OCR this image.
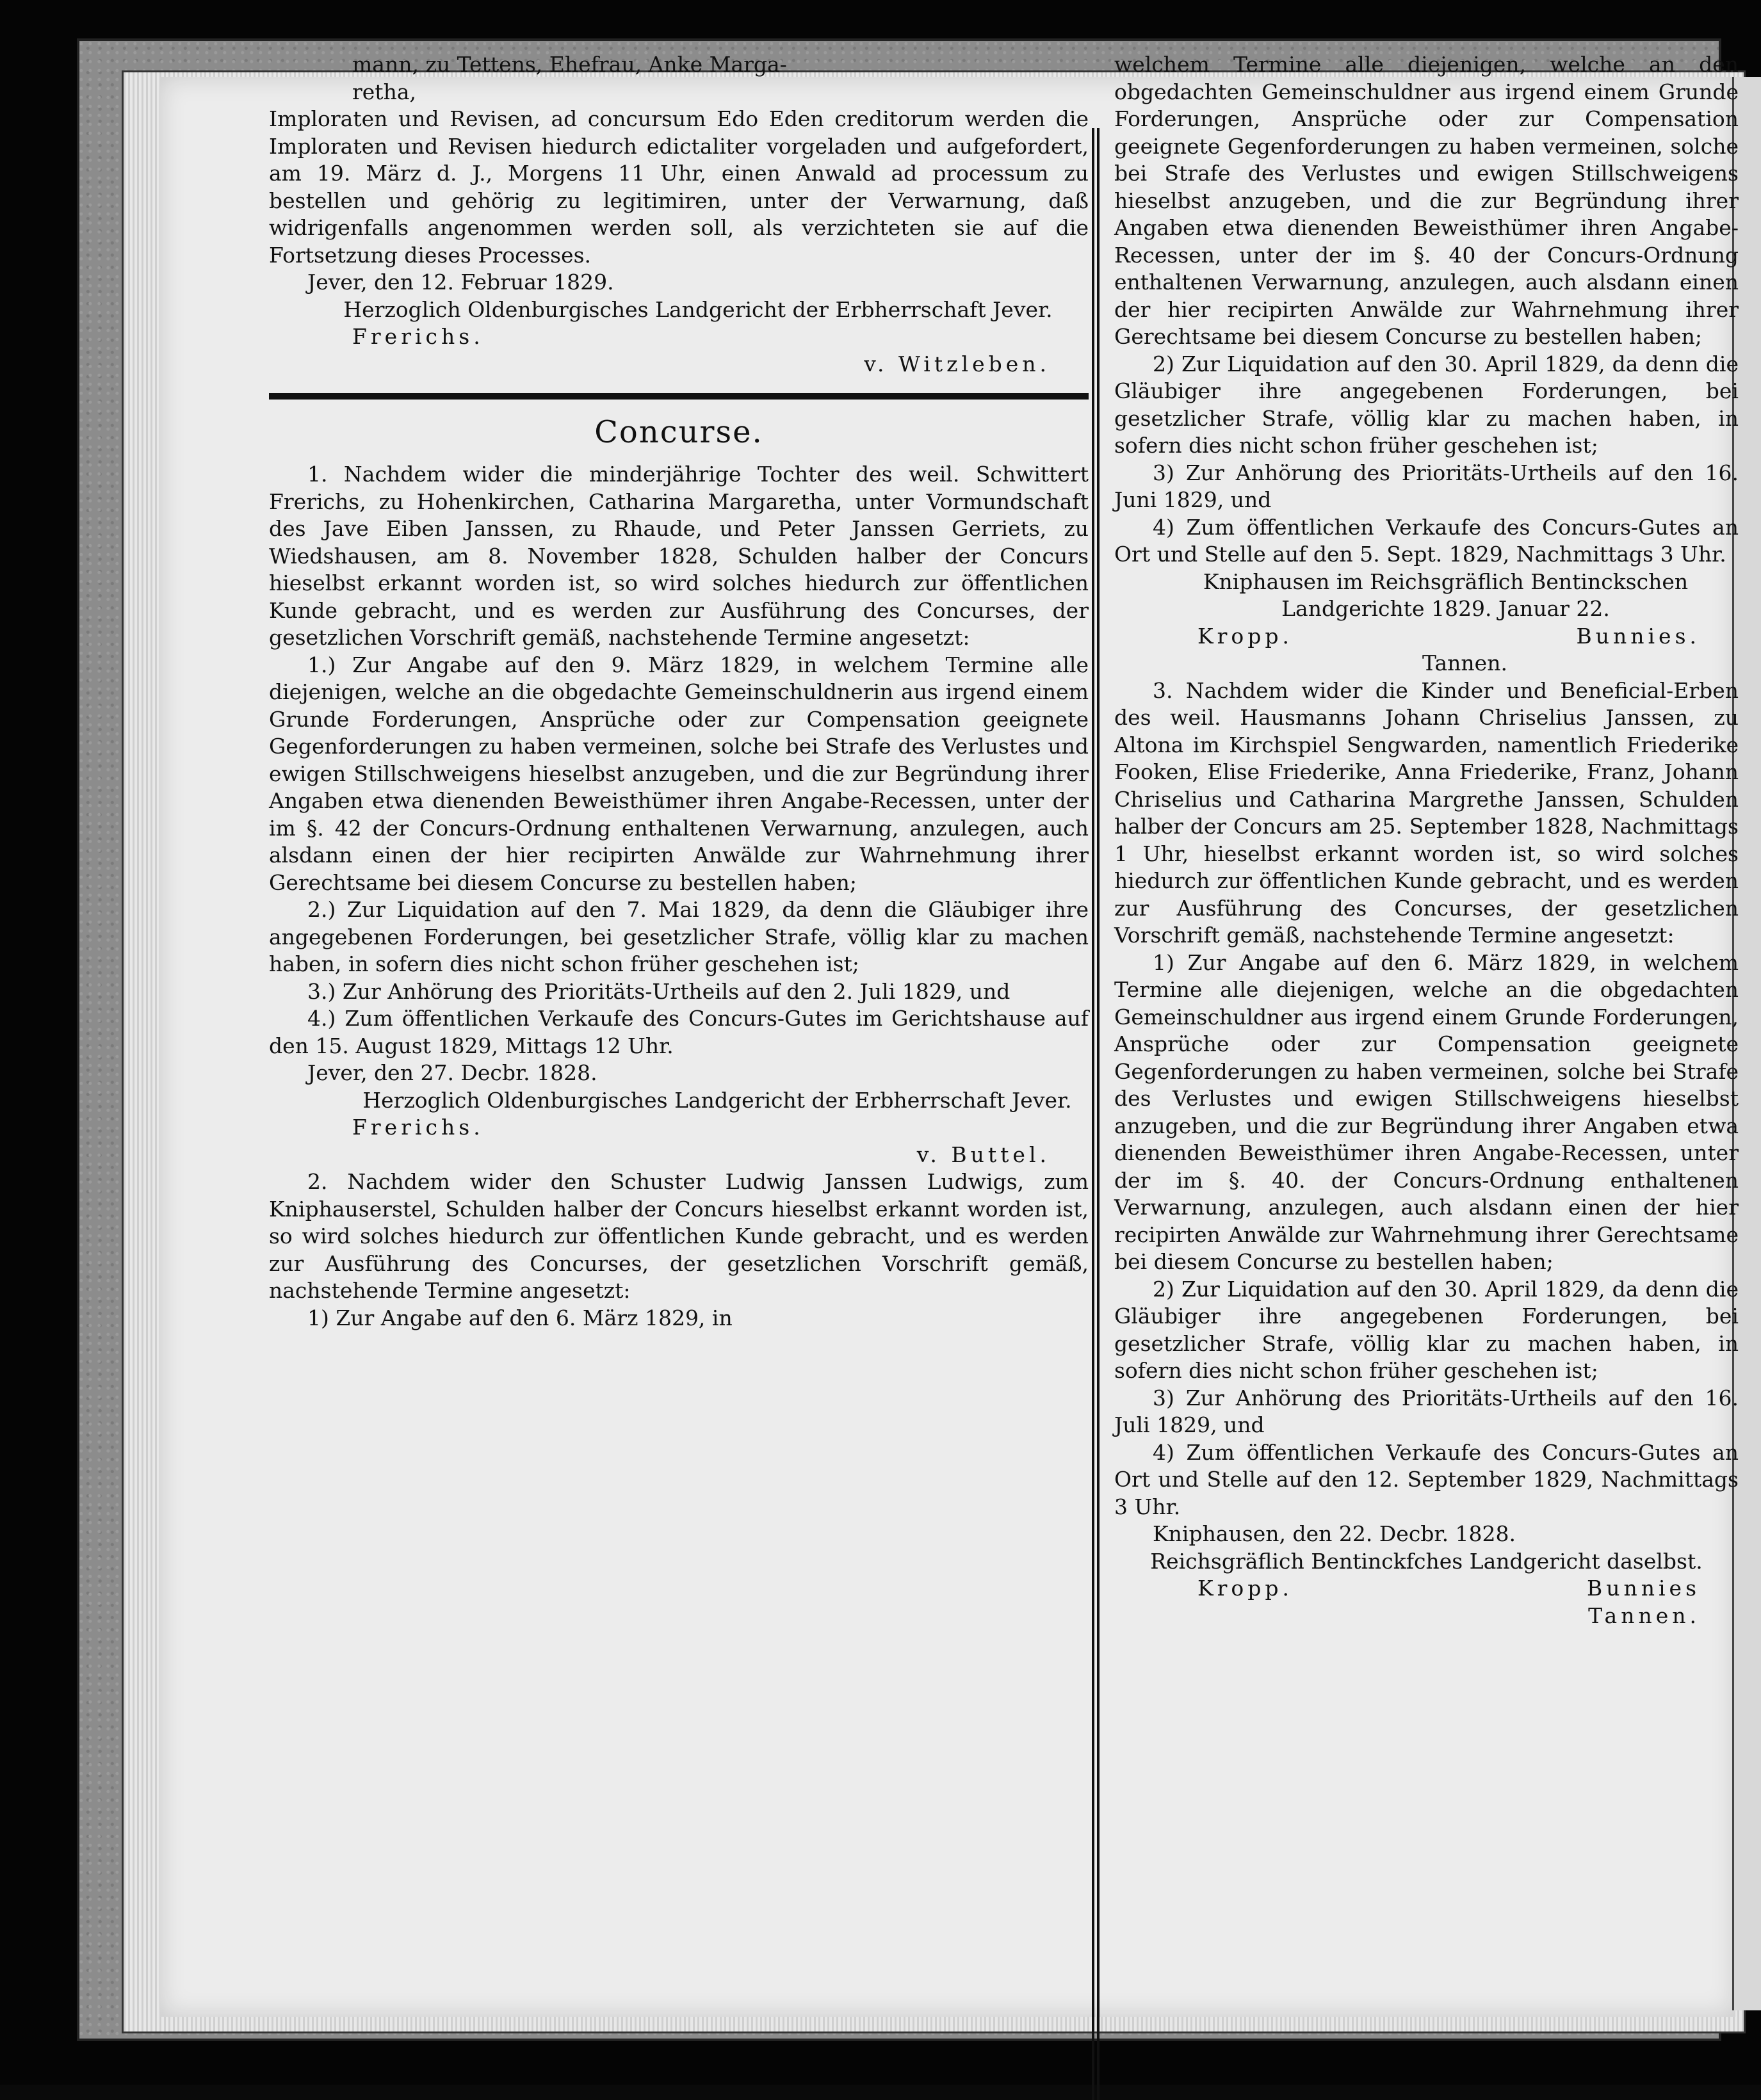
mann, zu Tettens, Ehefrau, Anke Marga-

retha,

Imploraten und Revisen, ad concursum Edo Eden creditorum werden die Imploraten und Revisen hiedurch edictaliter vorgeladen und aufgefordert, am 19. März d. J., Morgens 11 Uhr, einen Anwald ad processum zu bestellen und gehörig zu legitimiren, unter der Verwarnung, daß widrigenfalls angenommen werden soll, als verzichteten sie auf die Fortsetzung dieses Processes.

Jever, den 12. Februar 1829.

Herzoglich Oldenburgisches Landgericht der Erbherrschaft Jever.

Frerichs.
v. Witzleben.
Concurse.

1. Nachdem wider die minderjährige Tochter des weil. Schwittert Frerichs, zu Hohenkirchen, Catharina Margaretha, unter Vormundschaft des Jave Eiben Janssen, zu Rhaude, und Peter Janssen Gerriets, zu Wiedshausen, am 8. November 1828, Schulden halber der Concurs hieselbst erkannt worden ist, so wird solches hiedurch zur öffentlichen Kunde gebracht, und es werden zur Ausführung des Concurses, der gesetzlichen Vorschrift gemäß, nachstehende Termine angesetzt:

1.) Zur Angabe auf den 9. März 1829, in welchem Termine alle diejenigen, welche an die obgedachte Gemeinschuldnerin aus irgend einem Grunde Forderungen, Ansprüche oder zur Compensation geeignete Gegenforderungen zu haben vermeinen, solche bei Strafe des Verlustes und ewigen Stillschweigens hieselbst anzugeben, und die zur Begründung ihrer Angaben etwa dienenden Beweisthümer ihren Angabe-Recessen, unter der im §. 42 der Concurs-Ordnung enthaltenen Verwarnung, anzulegen, auch alsdann einen der hier recipirten Anwälde zur Wahrnehmung ihrer Gerechtsame bei diesem Concurse zu bestellen haben;

2.) Zur Liquidation auf den 7. Mai 1829, da denn die Gläubiger ihre angegebenen Forderungen, bei gesetzlicher Strafe, völlig klar zu machen haben, in sofern dies nicht schon früher geschehen ist;

3.) Zur Anhörung des Prioritäts-Urtheils auf den 2. Juli 1829, und

4.) Zum öffentlichen Verkaufe des Concurs-Gutes im Gerichtshause auf den 15. August 1829, Mittags 12 Uhr.

Jever, den 27. Decbr. 1828.

Herzoglich Oldenburgisches Landgericht der Erbherrschaft Jever.

Frerichs.
v. Buttel.

2. Nachdem wider den Schuster Ludwig Janssen Ludwigs, zum Kniphauserstel, Schulden halber der Concurs hieselbst erkannt worden ist, so wird solches hiedurch zur öffentlichen Kunde gebracht, und es werden zur Ausführung des Concurses, der gesetzlichen Vorschrift gemäß, nachstehende Termine angesetzt:

1) Zur Angabe auf den 6. März 1829, in

welchem Termine alle diejenigen, welche an den obgedachten Gemeinschuldner aus irgend einem Grunde Forderungen, Ansprüche oder zur Compensation geeignete Gegenforderungen zu haben vermeinen, solche bei Strafe des Verlustes und ewigen Stillschweigens hieselbst anzugeben, und die zur Begründung ihrer Angaben etwa dienenden Beweisthümer ihren Angabe-Recessen, unter der im §. 40 der Concurs-Ordnung enthaltenen Verwarnung, anzulegen, auch alsdann einen der hier recipirten Anwälde zur Wahrnehmung ihrer Gerechtsame bei diesem Concurse zu bestellen haben;

2) Zur Liquidation auf den 30. April 1829, da denn die Gläubiger ihre angegebenen Forderungen, bei gesetzlicher Strafe, völlig klar zu machen haben, in sofern dies nicht schon früher geschehen ist;

3) Zur Anhörung des Prioritäts-Urtheils auf den 16. Juni 1829, und

4) Zum öffentlichen Verkaufe des Concurs-Gutes an Ort und Stelle auf den 5. Sept. 1829, Nachmittags 3 Uhr.

Kniphausen im Reichsgräflich Bentinckschen Landgerichte 1829. Januar 22.

Kropp.	Bunnies.

Tannen.

3. Nachdem wider die Kinder und Beneficial-Erben des weil. Hausmanns Johann Chriselius Janssen, zu Altona im Kirchspiel Sengwarden, namentlich Friederike Fooken, Elise Friederike, Anna Friederike, Franz, Johann Chriselius und Catharina Margrethe Janssen, Schulden halber der Concurs am 25. September 1828, Nachmittags 1 Uhr, hieselbst erkannt worden ist, so wird solches hiedurch zur öffentlichen Kunde gebracht, und es werden zur Ausführung des Concurses, der gesetzlichen Vorschrift gemäß, nachstehende Termine angesetzt:

1) Zur Angabe auf den 6. März 1829, in welchem Termine alle diejenigen, welche an die obgedachten Gemeinschuldner aus irgend einem Grunde Forderungen, Ansprüche oder zur Compensation geeignete Gegenforderungen zu haben vermeinen, solche bei Strafe des Verlustes und ewigen Stillschweigens hieselbst anzugeben, und die zur Begründung ihrer Angaben etwa dienenden Beweisthümer ihren Angabe-Recessen, unter der im §. 40. der Concurs-Ordnung enthaltenen Verwarnung, anzulegen, auch alsdann einen der hier recipirten Anwälde zur Wahrnehmung ihrer Gerechtsame bei diesem Concurse zu bestellen haben;

2) Zur Liquidation auf den 30. April 1829, da denn die Gläubiger ihre angegebenen Forderungen, bei gesetzlicher Strafe, völlig klar zu machen haben, in sofern dies nicht schon früher geschehen ist;

3) Zur Anhörung des Prioritäts-Urtheils auf den 16. Juli 1829, und

4) Zum öffentlichen Verkaufe des Concurs-Gutes an Ort und Stelle auf den 12. September 1829, Nachmittags 3 Uhr.

Kniphausen, den 22. Decbr. 1828.

Reichsgräflich Bentinckfches Landgericht daselbst.

Kropp.	Bunnies
Tannen.
